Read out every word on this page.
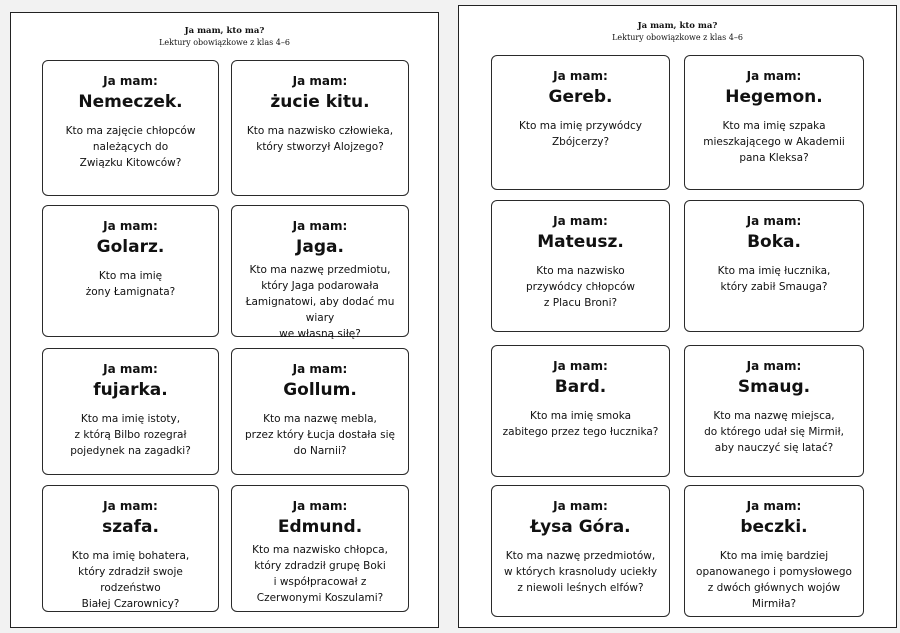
Ja mam, kto ma?
Lektury obowiązkowe z klas 4–6
Ja mam:
Nemeczek.
Kto ma zajęcie chłopców
należących do
Związku Kitowców?
Ja mam:
żucie kitu.
Kto ma nazwisko człowieka,
który stworzył Alojzego?
Ja mam:
Golarz.
Kto ma imię
żony Łamignata?
Ja mam:
Jaga.
Kto ma nazwę przedmiotu,
który Jaga podarowała
Łamignatowi, aby dodać mu wiary
we własną siłę?
Ja mam:
fujarka.
Kto ma imię istoty,
z którą Bilbo rozegrał
pojedynek na zagadki?
Ja mam:
Gollum.
Kto ma nazwę mebla,
przez który Łucja dostała się
do Narnii?
Ja mam:
szafa.
Kto ma imię bohatera,
który zdradził swoje rodzeństwo
Białej Czarownicy?
Ja mam:
Edmund.
Kto ma nazwisko chłopca,
który zdradził grupę Boki
i współpracował z
Czerwonymi Koszulami?
Ja mam, kto ma?
Lektury obowiązkowe z klas 4–6
Ja mam:
Gereb.
Kto ma imię przywódcy
Zbójcerzy?
Ja mam:
Hegemon.
Kto ma imię szpaka
mieszkającego w Akademii
pana Kleksa?
Ja mam:
Mateusz.
Kto ma nazwisko
przywódcy chłopców
z Placu Broni?
Ja mam:
Boka.
Kto ma imię łucznika,
który zabił Smauga?
Ja mam:
Bard.
Kto ma imię smoka
zabitego przez tego łucznika?
Ja mam:
Smaug.
Kto ma nazwę miejsca,
do którego udał się Mirmił,
aby nauczyć się latać?
Ja mam:
Łysa Góra.
Kto ma nazwę przedmiotów,
w których krasnoludy uciekły
z niewoli leśnych elfów?
Ja mam:
beczki.
Kto ma imię bardziej
opanowanego i pomysłowego
z dwóch głównych wojów Mirmiła?
